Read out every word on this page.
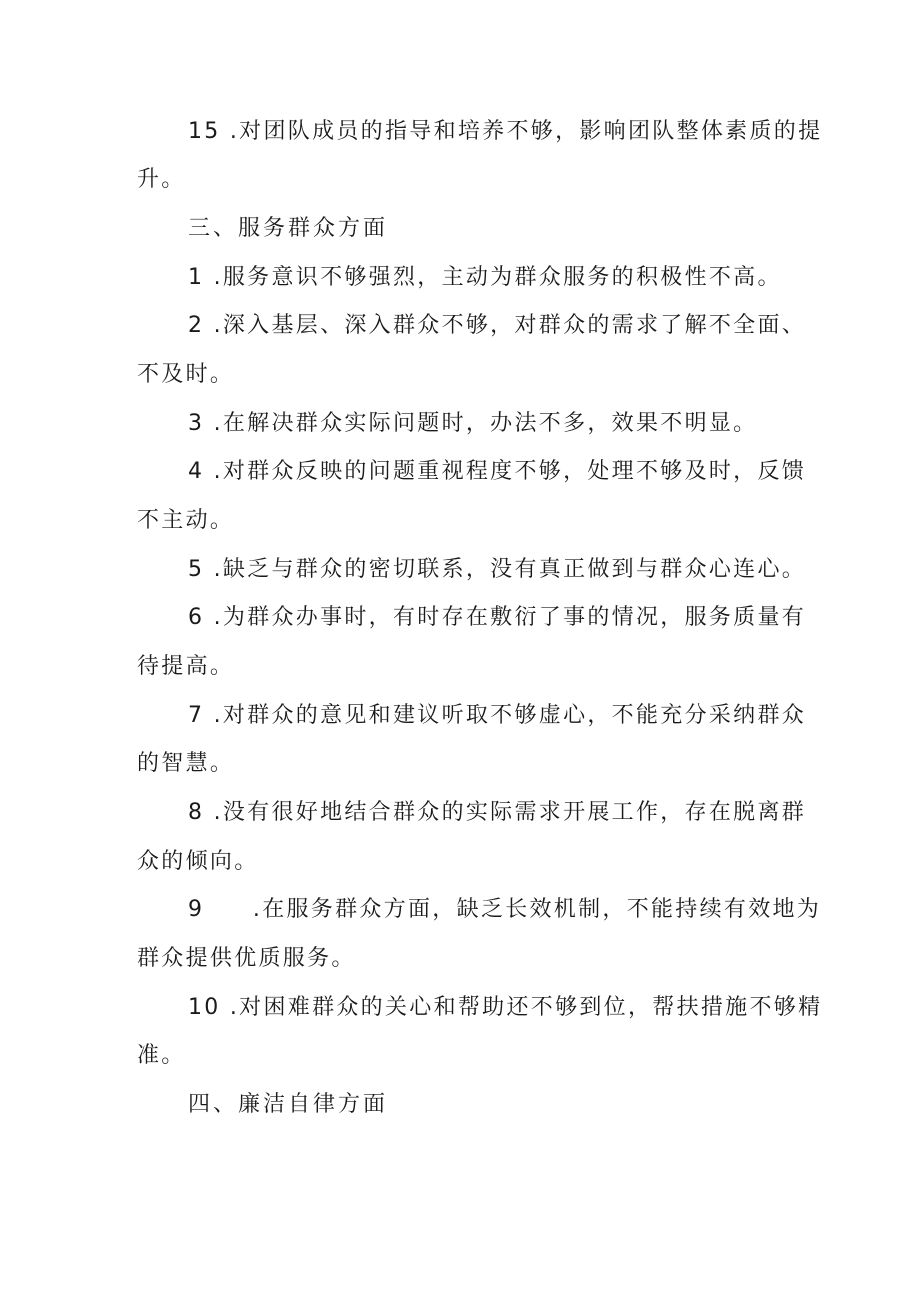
15 .对团队成员的指导和培养不够，影响团队整体素质的提
升。
三、服务群众方面
1 .服务意识不够强烈，主动为群众服务的积极性不高。
2 .深入基层、深入群众不够，对群众的需求了解不全面、
不及时。
3 .在解决群众实际问题时，办法不多，效果不明显。
4 .对群众反映的问题重视程度不够，处理不够及时，反馈
不主动。
5 .缺乏与群众的密切联系，没有真正做到与群众心连心。
6 .为群众办事时，有时存在敷衍了事的情况，服务质量有
待提高。
7 .对群众的意见和建议听取不够虚心，不能充分采纳群众
的智慧。
8 .没有很好地结合群众的实际需求开展工作，存在脱离群
众的倾向。
9　　.在服务群众方面，缺乏长效机制，不能持续有效地为
群众提供优质服务。
10 .对困难群众的关心和帮助还不够到位，帮扶措施不够精
准。
四、廉洁自律方面
